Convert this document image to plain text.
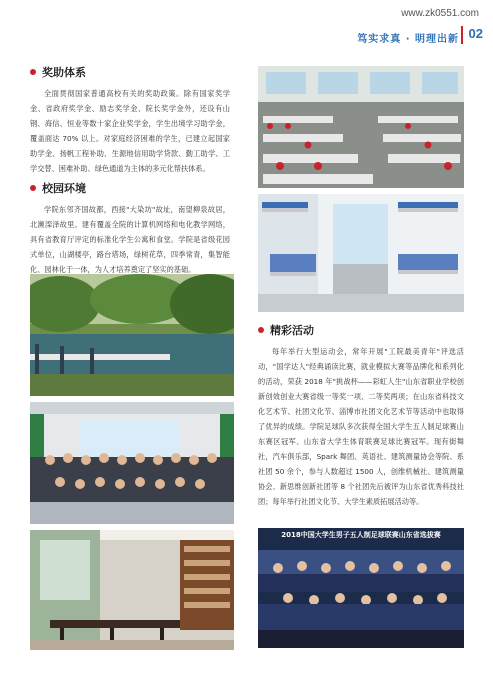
www.zk0551.com
笃实求真 · 明理出新 02
奖助体系

全面贯彻国家普通高校有关的奖助政策。除有国家奖学金、省政府奖学金、励志奖学金、院长奖学金外，还设有山钢、海信、恒业等数十家企业奖学金，学生出境学习助学金，覆盖面达 70% 以上。对家庭经济困难的学生，已建立起国家助学金、扬帆工程补助、生源地信用助学贷款、勤工助学、工学交替、困难补助、绿色通道为主体的多元化帮扶体系。

校园环境

学院东邻齐国故都，西接"大染坊"故址，南望柳泉故居，北濒滦泽故里。建有覆盖全院的计算机网络和电化教学网络，具有省教育厅评定的标准化学生公寓和食堂。学院是省级花园式单位，山湖楼亭，路台塔场，绿树花草，四季常青，集智能化、园林化于一体，为人才培养奠定了坚实的基础。

精彩活动

每年举行大型运动会，常年开展"工院最美青年"评选活动，"国学达人"经典诵读比赛，就业模拟大赛等品牌化和系列化的活动，荣获 2018 年"挑战杯——彩虹人生"山东省职业学校创新创效创业大赛省级一等奖一项、二等奖两项；在山东省科技文化艺术节、社团文化节、淄博市社团文化艺术节等活动中也取得了优异的成绩。学院足球队多次获得全国大学生五人制足球赛山东赛区冠军、山东省大学生体育联赛足球比赛冠军。现有街舞社，汽车俱乐部，Spark 舞团、英语社、建筑测量协会等院、系社团 50 余个，参与人数超过 1500 人，创维机械社、建筑测量协会、新思维创新社团等 8 个社团先后被评为山东省优秀科技社团；每年举行社团文化节、大学生素质拓展活动等。

2018中国大学生男子五人制足球联赛山东省选拔赛
